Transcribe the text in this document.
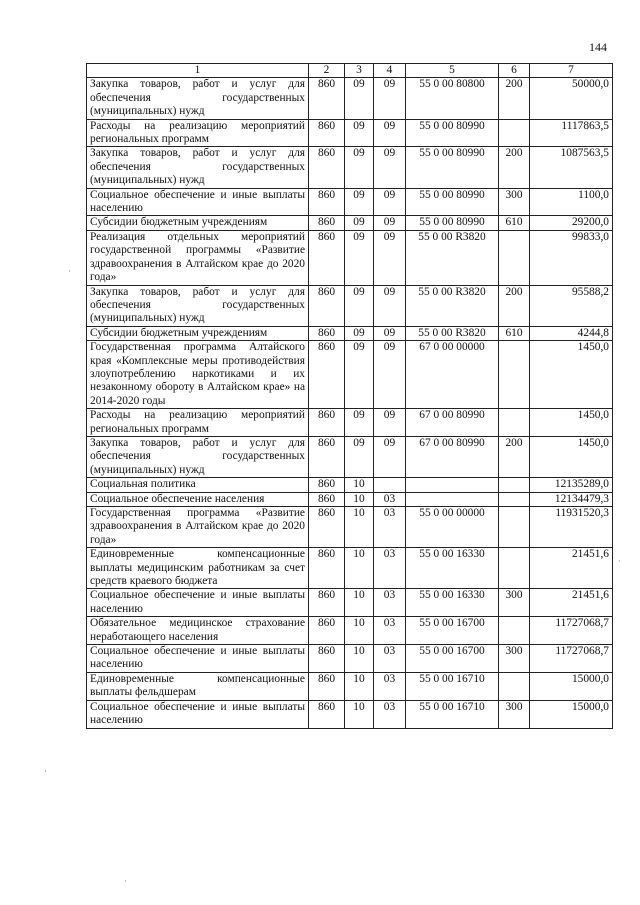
144
1	2	3	4	5	6	7
Закупка товаров, работ и услуг для обеспечения государственных (муниципальных) нужд	860	09	09	55 0 00 80800	200	50000,0
Расходы на реализацию мероприятий региональных программ	860	09	09	55 0 00 80990		1117863,5
Закупка товаров, работ и услуг для обеспечения государственных (муниципальных) нужд	860	09	09	55 0 00 80990	200	1087563,5
Социальное обеспечение и иные выплаты населению	860	09	09	55 0 00 80990	300	1100,0
Субсидии бюджетным учреждениям	860	09	09	55 0 00 80990	610	29200,0
Реализация отдельных мероприятий государственной программы «Развитие здравоохранения в Алтайском крае до 2020 года»	860	09	09	55 0 00 R3820		99833,0
Закупка товаров, работ и услуг для обеспечения государственных (муниципальных) нужд	860	09	09	55 0 00 R3820	200	95588,2
Субсидии бюджетным учреждениям	860	09	09	55 0 00 R3820	610	4244,8
Государственная программа Алтайского края «Комплексные меры противодействия злоупотреблению наркотиками и их незаконному обороту в Алтайском крае» на 2014-2020 годы	860	09	09	67 0 00 00000		1450,0
Расходы на реализацию мероприятий региональных программ	860	09	09	67 0 00 80990		1450,0
Закупка товаров, работ и услуг для обеспечения государственных (муниципальных) нужд	860	09	09	67 0 00 80990	200	1450,0
Социальная политика	860	10				12135289,0
Социальное обеспечение населения	860	10	03			12134479,3
Государственная программа «Развитие здравоохранения в Алтайском крае до 2020 года»	860	10	03	55 0 00 00000		11931520,3
Единовременные компенсационные выплаты медицинским работникам за счет средств краевого бюджета	860	10	03	55 0 00 16330		21451,6
Социальное обеспечение и иные выплаты населению	860	10	03	55 0 00 16330	300	21451,6
Обязательное медицинское страхование неработающего населения	860	10	03	55 0 00 16700		11727068,7
Социальное обеспечение и иные выплаты населению	860	10	03	55 0 00 16700	300	11727068,7
Единовременные компенсационные выплаты фельдшерам	860	10	03	55 0 00 16710		15000,0
Социальное обеспечение и иные выплаты населению	860	10	03	55 0 00 16710	300	15000,0
·
·
·
·
